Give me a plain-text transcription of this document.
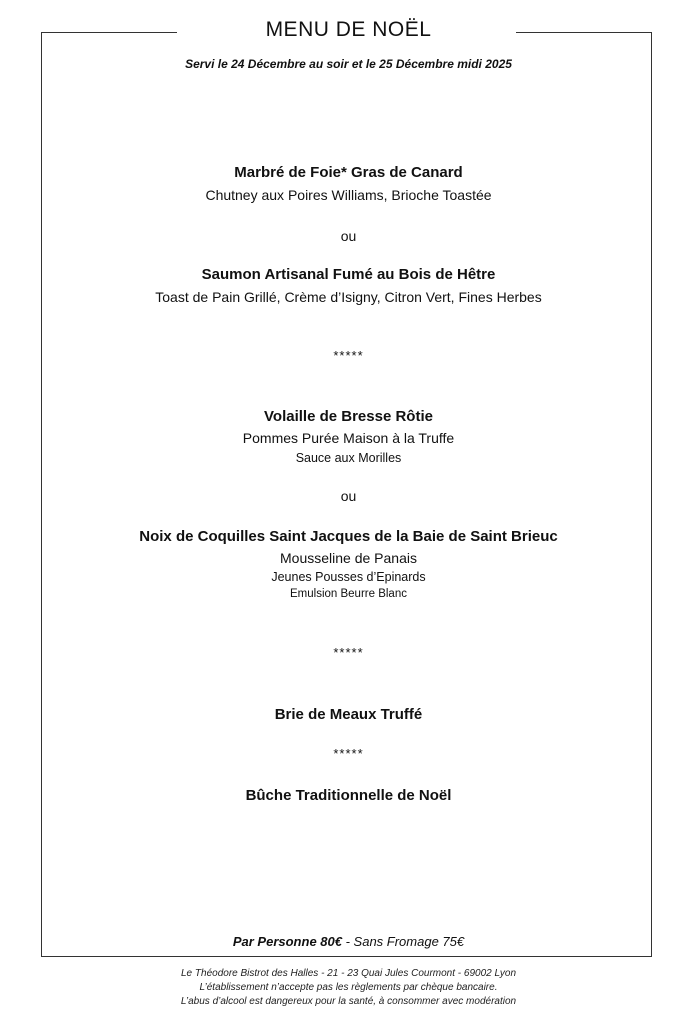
MENU DE NOËL
Servi le 24 Décembre au soir et le 25 Décembre midi 2025
Marbré de Foie* Gras de Canard
Chutney aux Poires Williams, Brioche Toastée
ou
Saumon Artisanal Fumé au Bois de Hêtre
Toast de Pain Grillé, Crème d’Isigny, Citron Vert, Fines Herbes
*****
Volaille de Bresse Rôtie
Pommes Purée Maison à la Truffe
Sauce aux Morilles
ou
Noix de Coquilles Saint Jacques de la Baie de Saint Brieuc
Mousseline de Panais
Jeunes Pousses d’Epinards
Emulsion Beurre Blanc
*****
Brie de Meaux Truffé
*****
Bûche Traditionnelle de Noël
Par Personne 80€ - Sans Fromage 75€
Le Théodore Bistrot des Halles - 21 - 23 Quai Jules Courmont - 69002 Lyon
L’établissement n’accepte pas les règlements par chèque bancaire.
L’abus d’alcool est dangereux pour la santé, à consommer avec modération
